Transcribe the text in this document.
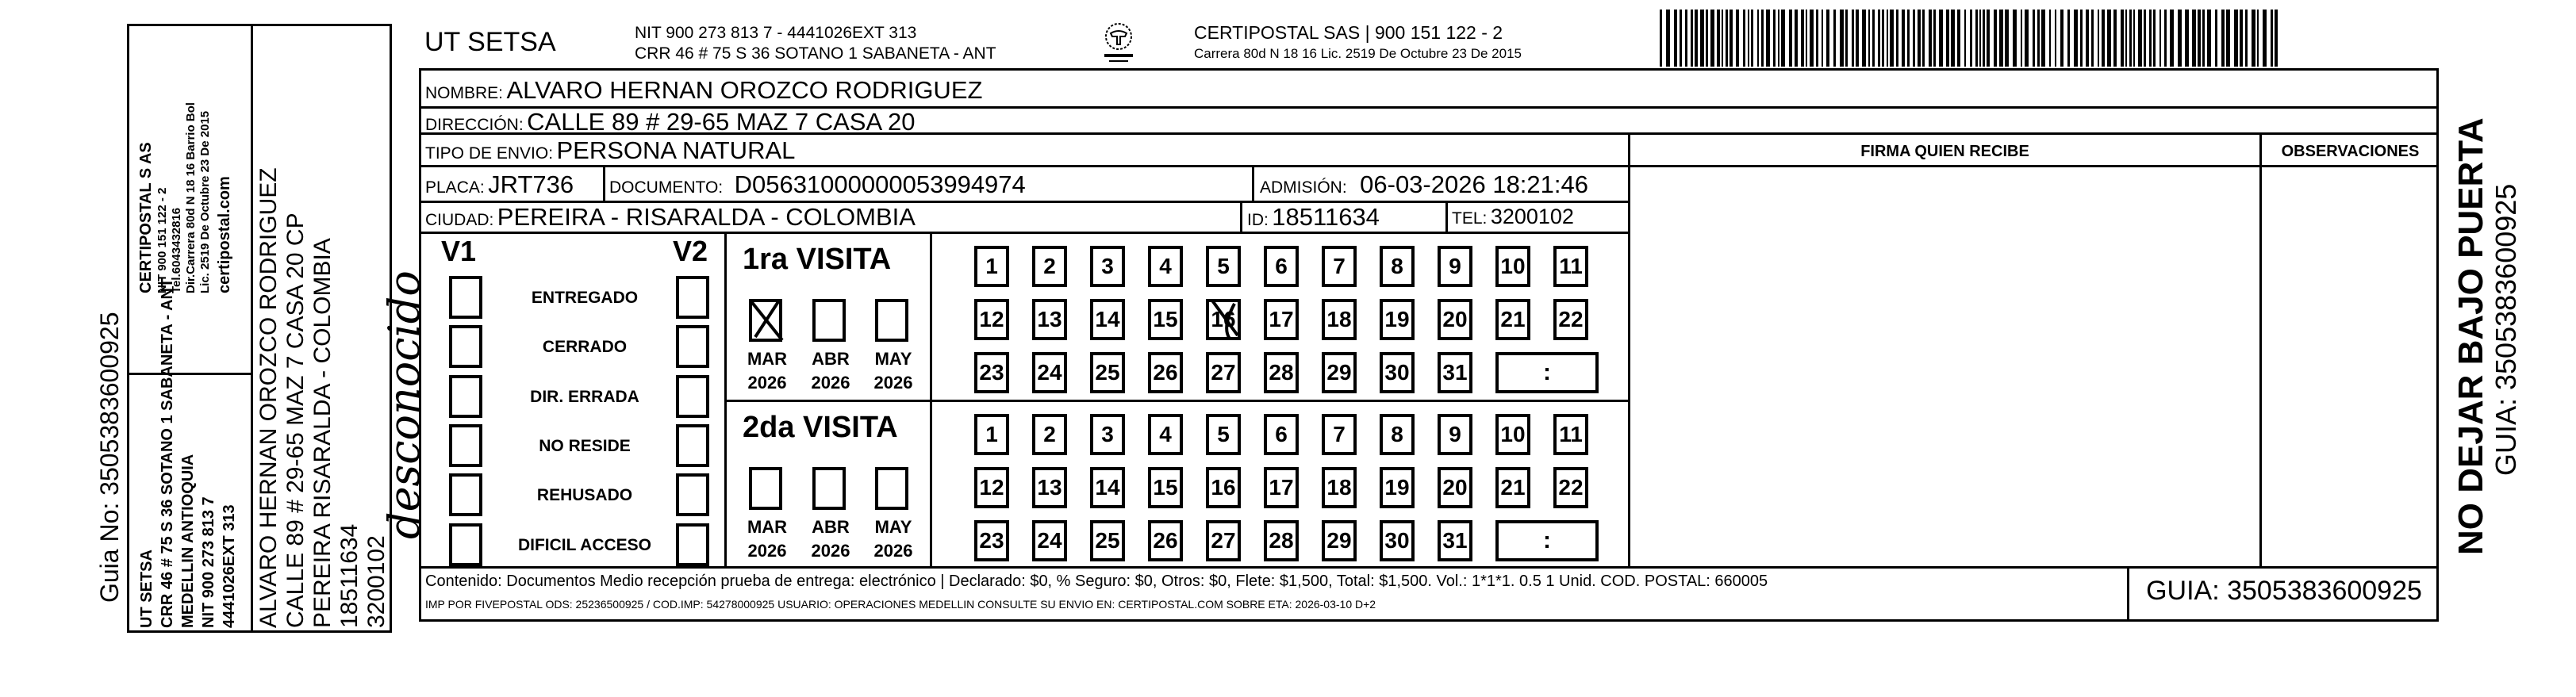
Guia No: 3505383600925 UT SETSA CRR 46 # 75 S 36 SOTANO 1 SABANETA - ANT MEDELLIN ANTIOQUIA NIT 900 273 813 7 4441026EXT 313
CERTIPOSTAL S AS NIT 900 151 122 - 2 Tel.6043432816 Dir.Carrera 80d N 18 16 Barrio Bol Lic. 2519 De Octubre 23 De 2015 certipostal.com ALVARO HERNAN OROZCO RODRIGUEZ CALLE 89 # 29-65 MAZ 7 CASA 20 CP PEREIRA RISARALDA - COLOMBIA 18511634 3200102
desconocido
UT SETSA	NIT 900 273 813 7 - 4441026EXT 313
CRR 46 # 75 S 36 SOTANO 1 SABANETA - ANT
CERTIPOSTAL SAS | 900 151 122 - 2
Carrera 80d N 18 16 Lic. 2519 De Octubre 23 De 2015
NOMBRE: ALVARO HERNAN OROZCO RODRIGUEZ
DIRECCIÓN: CALLE 89 # 29-65 MAZ 7 CASA 20
TIPO DE ENVIO: PERSONA NATURAL	FIRMA QUIEN RECIBE	OBSERVACIONES
PLACA: JRT736 DOCUMENTO: D05631000000053994974	ADMISIÓN: 06-03-2026 18:21:46
CIUDAD: PEREIRA - RISARALDA - COLOMBIA	ID: 18511634	TEL: 3200102
V1	V2
ENTREGADO
CERRADO
DIR. ERRADA
NO RESIDE
REHUSADO
DIFICIL ACCESO
1ra VISITA
MAR
2026
ABR
2026
MAY
2026
1 2 3 4 5 6 7 8 9 10 11
12 13 14 15 16 17 18 19 20 21 22
23 24 25 26 27 28 29 30 31	:
2da VISITA
MAR
2026
ABR
2026
MAY
2026
1 2 3 4 5 6 7 8 9 10 11
12 13 14 15 16 17 18 19 20 21 22
23 24 25 26 27 28 29 30 31	:
Contenido: Documentos Medio recepción prueba de entrega: electrónico | Declarado: $0, % Seguro: $0, Otros: $0, Flete: $1,500, Total: $1,500. Vol.: 1*1*1. 0.5 1 Unid. COD. POSTAL: 660005
IMP POR FIVEPOSTAL ODS: 25236500925 / COD.IMP: 54278000925 USUARIO: OPERACIONES MEDELLIN CONSULTE SU ENVIO EN: CERTIPOSTAL.COM SOBRE ETA: 2026-03-10 D+2	GUIA: 3505383600925
NO DEJAR BAJO PUERTA GUIA: 3505383600925
